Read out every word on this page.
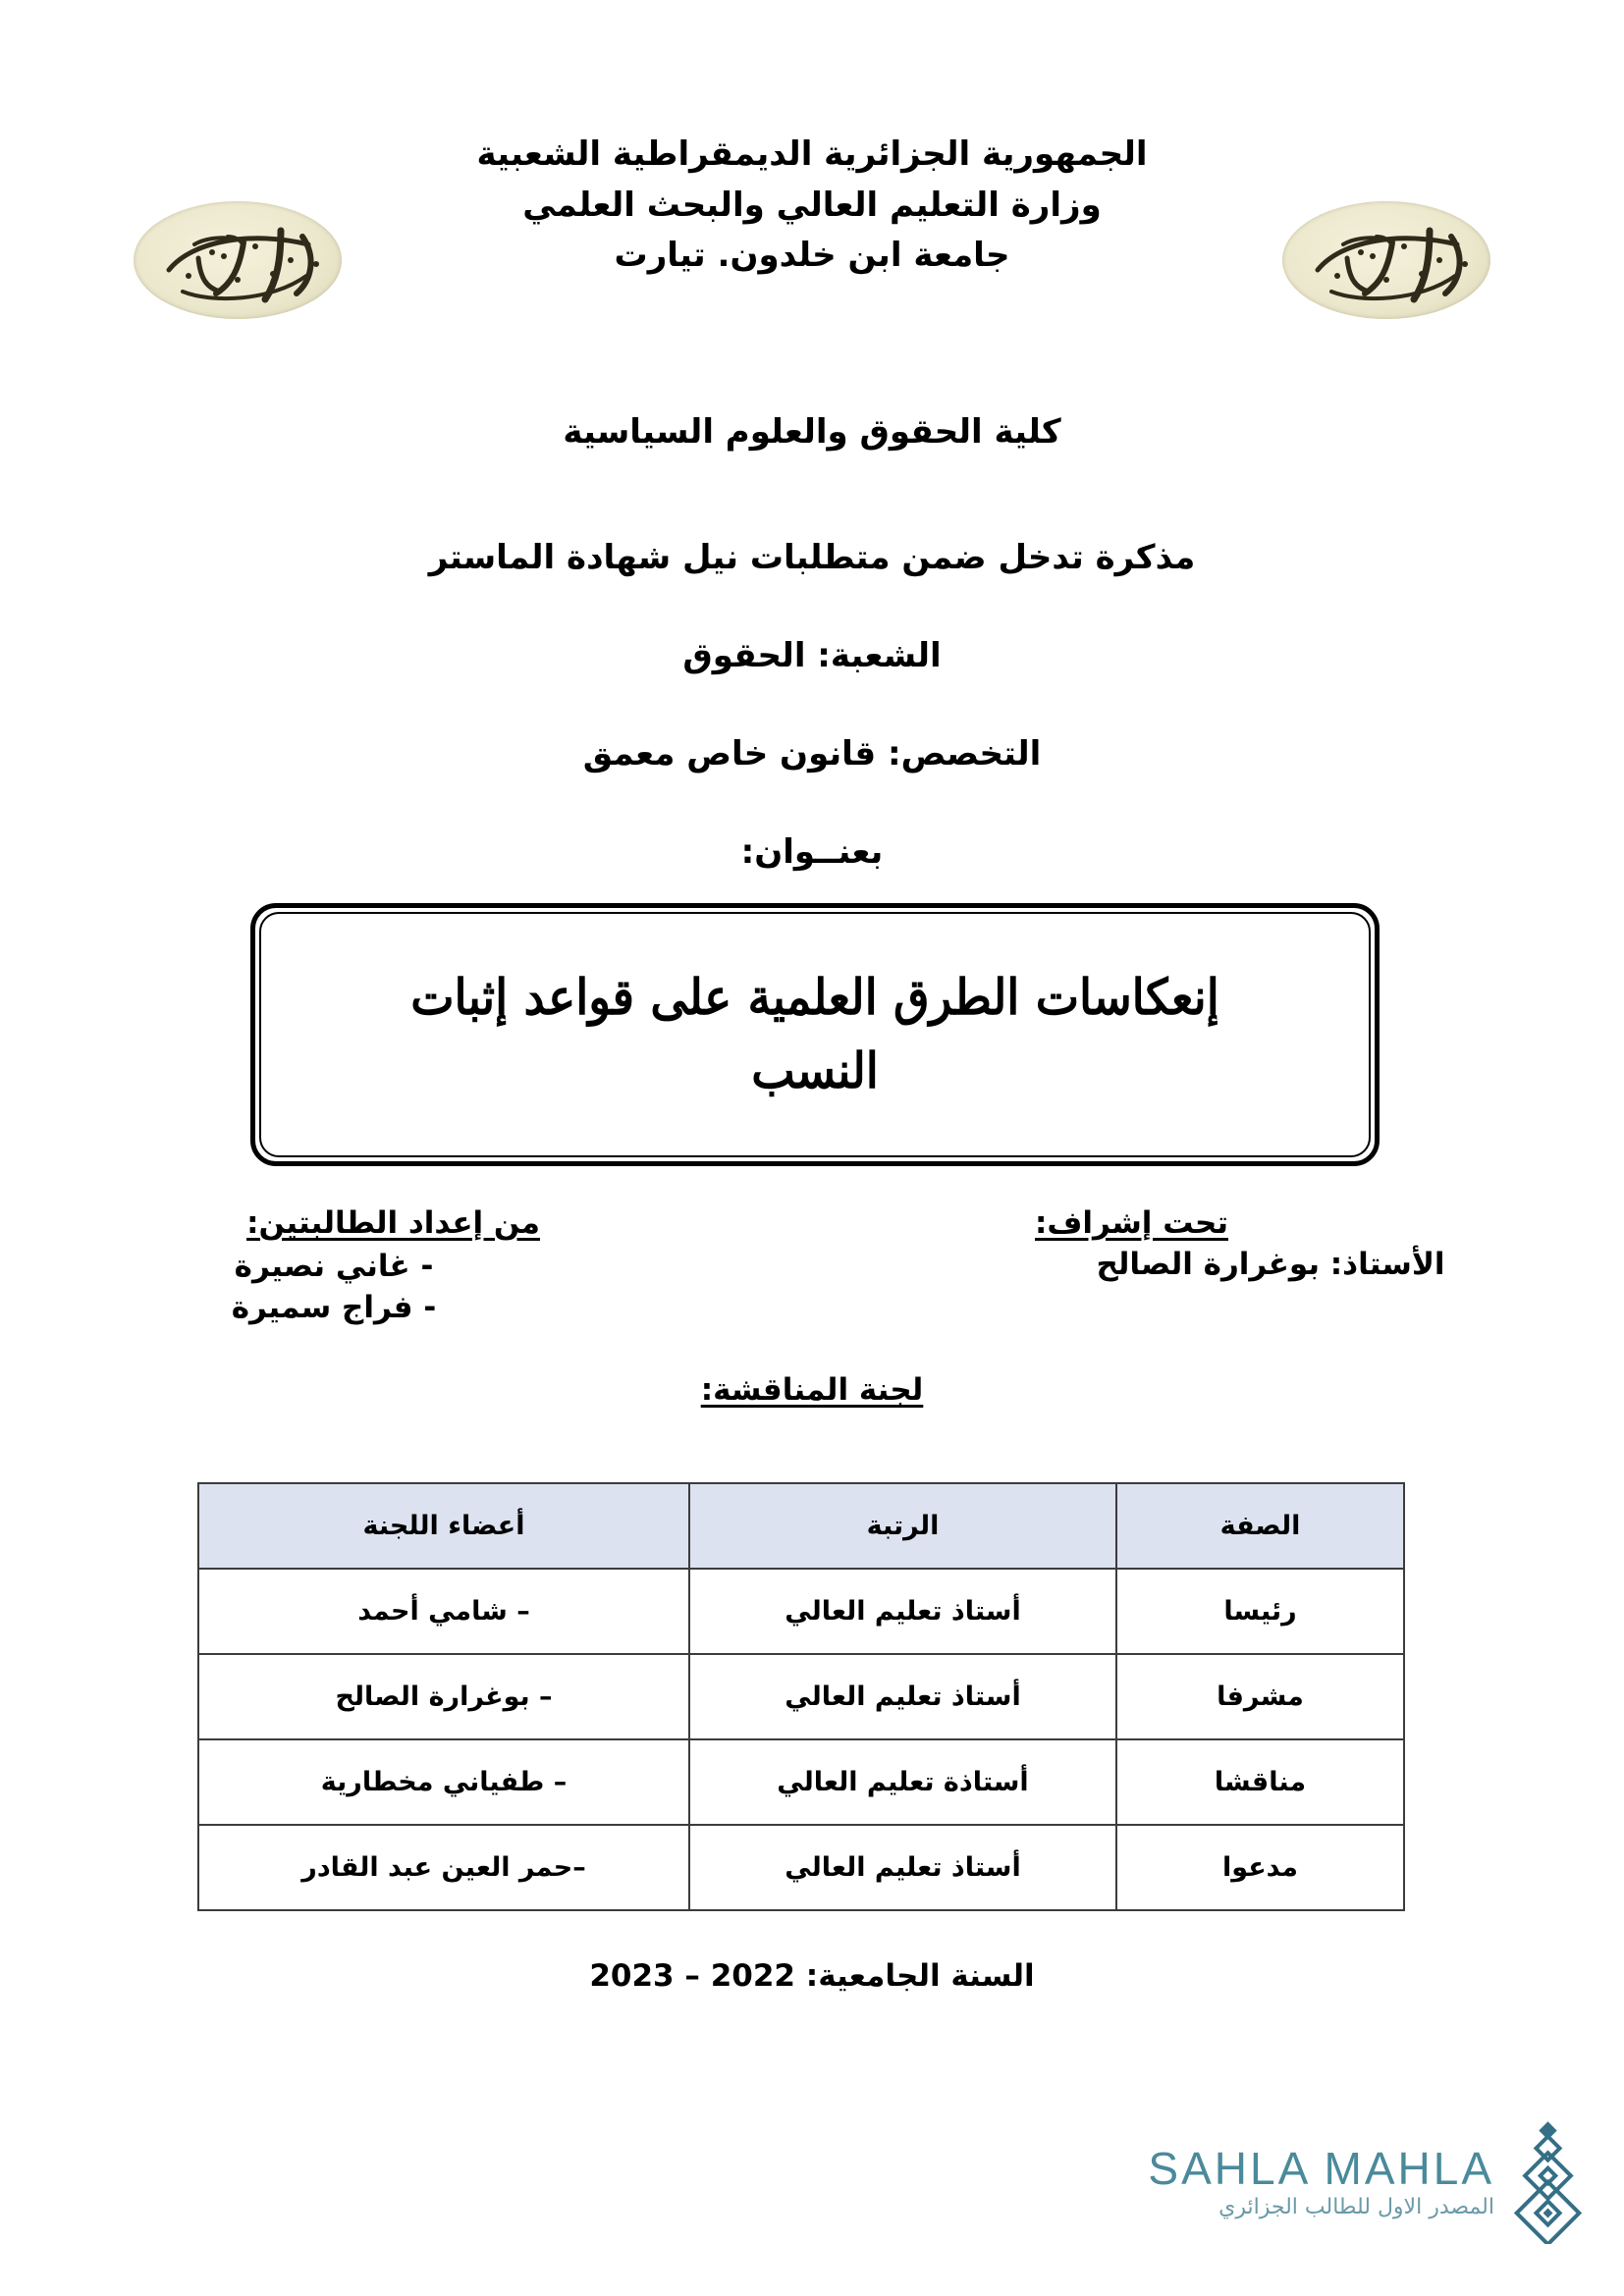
الجمهورية الجزائرية الديمقراطية الشعبية
وزارة التعليم العالي والبحث العلمي
جامعة ابن خلدون. تيارت
كلية الحقوق والعلوم السياسية
مذكرة تدخل ضمن متطلبات نيل شهادة الماستر
الشعبة: الحقوق
التخصص: قانون خاص معمق
بعنــوان:
إنعكاسات الطرق العلمية على قواعد إثبات
النسب
تحت إشراف:
الأستاذ: بوغرارة الصالح
من إعداد الطالبتين:
- غاني نصيرة
- فراج سميرة
لجنة المناقشة:
الصفة	الرتبة	أعضاء اللجنة
رئيسا	أستاذ تعليم العالي	– شامي أحمد
مشرفا	أستاذ تعليم العالي	– بوغرارة الصالح
مناقشا	أستاذة تعليم العالي	– طفياني مخطارية
مدعوا	أستاذ تعليم العالي	–حمر العين عبد القادر
السنة الجامعية: 2022 – 2023
SAHLA MAHLA
المصدر الاول للطالب الجزائري
